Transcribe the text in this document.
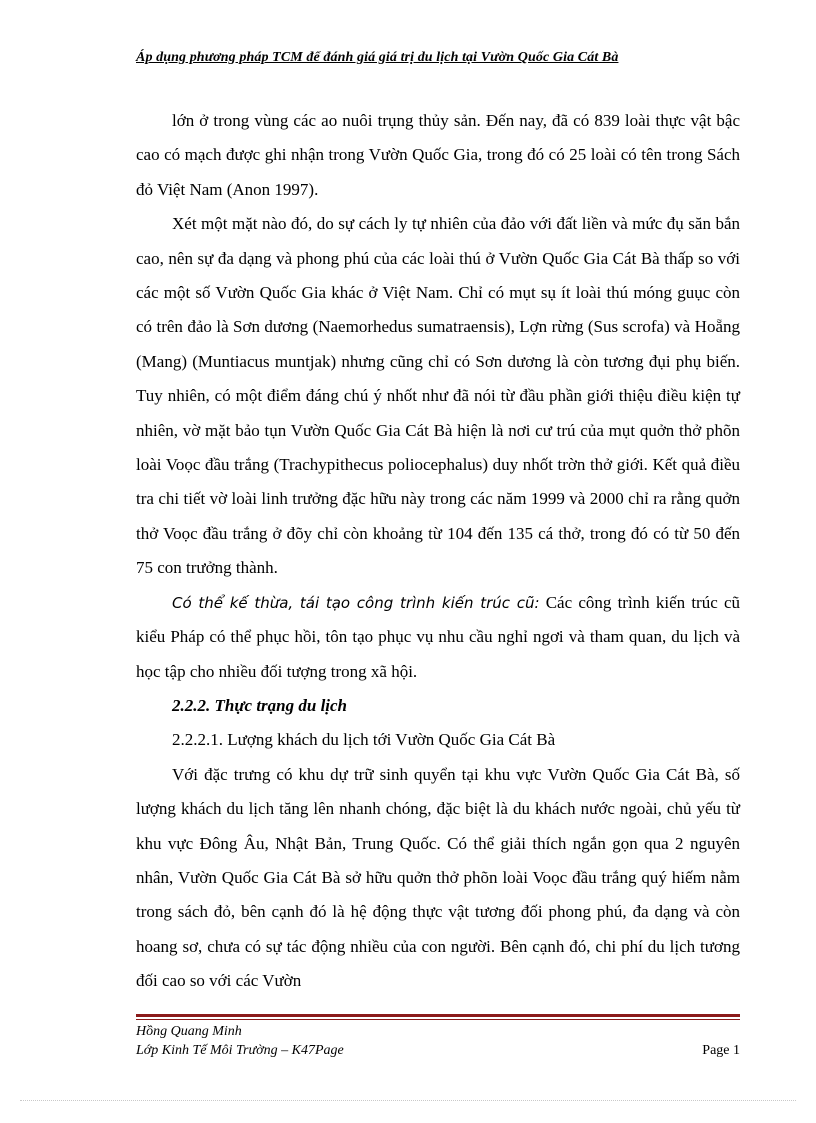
Áp dụng phương pháp TCM để đánh giá giá trị du lịch tại Vườn Quốc Gia Cát Bà

lớn ở trong vùng các ao nuôi trụng thủy sản. Đến nay, đã có 839 loài thực vật bậc cao có mạch được ghi nhận trong Vườn Quốc Gia, trong đó có 25 loài có tên trong Sách đỏ Việt Nam (Anon 1997).

Xét một mặt nào đó, do sự cách ly tự nhiên của đảo với đất liền và mức đụ săn bắn cao, nên sự đa dạng và phong phú của các loài thú ở Vườn Quốc Gia Cát Bà thấp so với các một số Vườn Quốc Gia khác ở Việt Nam. Chỉ có mụt sụ ít loài thú móng guục còn có trên đảo là Sơn dương (Naemorhedus sumatraensis), Lợn rừng (Sus scrofa) và Hoẵng (Mang) (Muntiacus muntjak) nhưng cũng chỉ có Sơn dương là còn tương đụi phụ biến. Tuy nhiên, có một điểm đáng chú ý nhốt như đã nói từ đầu phần giới thiệu điều kiện tự nhiên, vờ mặt bảo tụn Vườn Quốc Gia Cát Bà hiện là nơi cư trú của mụt quởn thở phõn loài Voọc đầu trắng (Trachypithecus poliocephalus) duy nhốt trờn thở giới. Kết quả điều tra chi tiết vờ loài linh trưởng đặc hữu này trong các năm 1999 và 2000 chỉ ra rằng quởn thở Voọc đầu trắng ở đõy chỉ còn khoảng từ 104 đến 135 cá thở, trong đó có từ 50 đến 75 con trưởng thành.

Có thể kế thừa, tái tạo công trình kiến trúc cũ: Các công trình kiến trúc cũ kiểu Pháp có thể phục hồi, tôn tạo phục vụ nhu cầu nghỉ ngơi và tham quan, du lịch và học tập cho nhiều đối tượng trong xã hội.

2.2.2. Thực trạng du lịch

2.2.2.1. Lượng khách du lịch tới Vườn Quốc Gia Cát Bà

Với đặc trưng có khu dự trữ sinh quyển tại khu vực Vườn Quốc Gia Cát Bà, số lượng khách du lịch tăng lên nhanh chóng, đặc biệt là du khách nước ngoài, chủ yếu từ khu vực Đông Âu, Nhật Bản, Trung Quốc. Có thể giải thích ngắn gọn qua 2 nguyên nhân, Vườn Quốc Gia Cát Bà sở hữu quởn thở phõn loài Voọc đầu trắng quý hiếm nằm trong sách đỏ, bên cạnh đó là hệ động thực vật tương đối phong phú, đa dạng và còn hoang sơ, chưa có sự tác động nhiều của con người. Bên cạnh đó, chi phí du lịch tương đối cao so với các Vườn

Hồng Quang Minh
Lớp Kinh Tế Môi Trường – K47Page	Page 1
